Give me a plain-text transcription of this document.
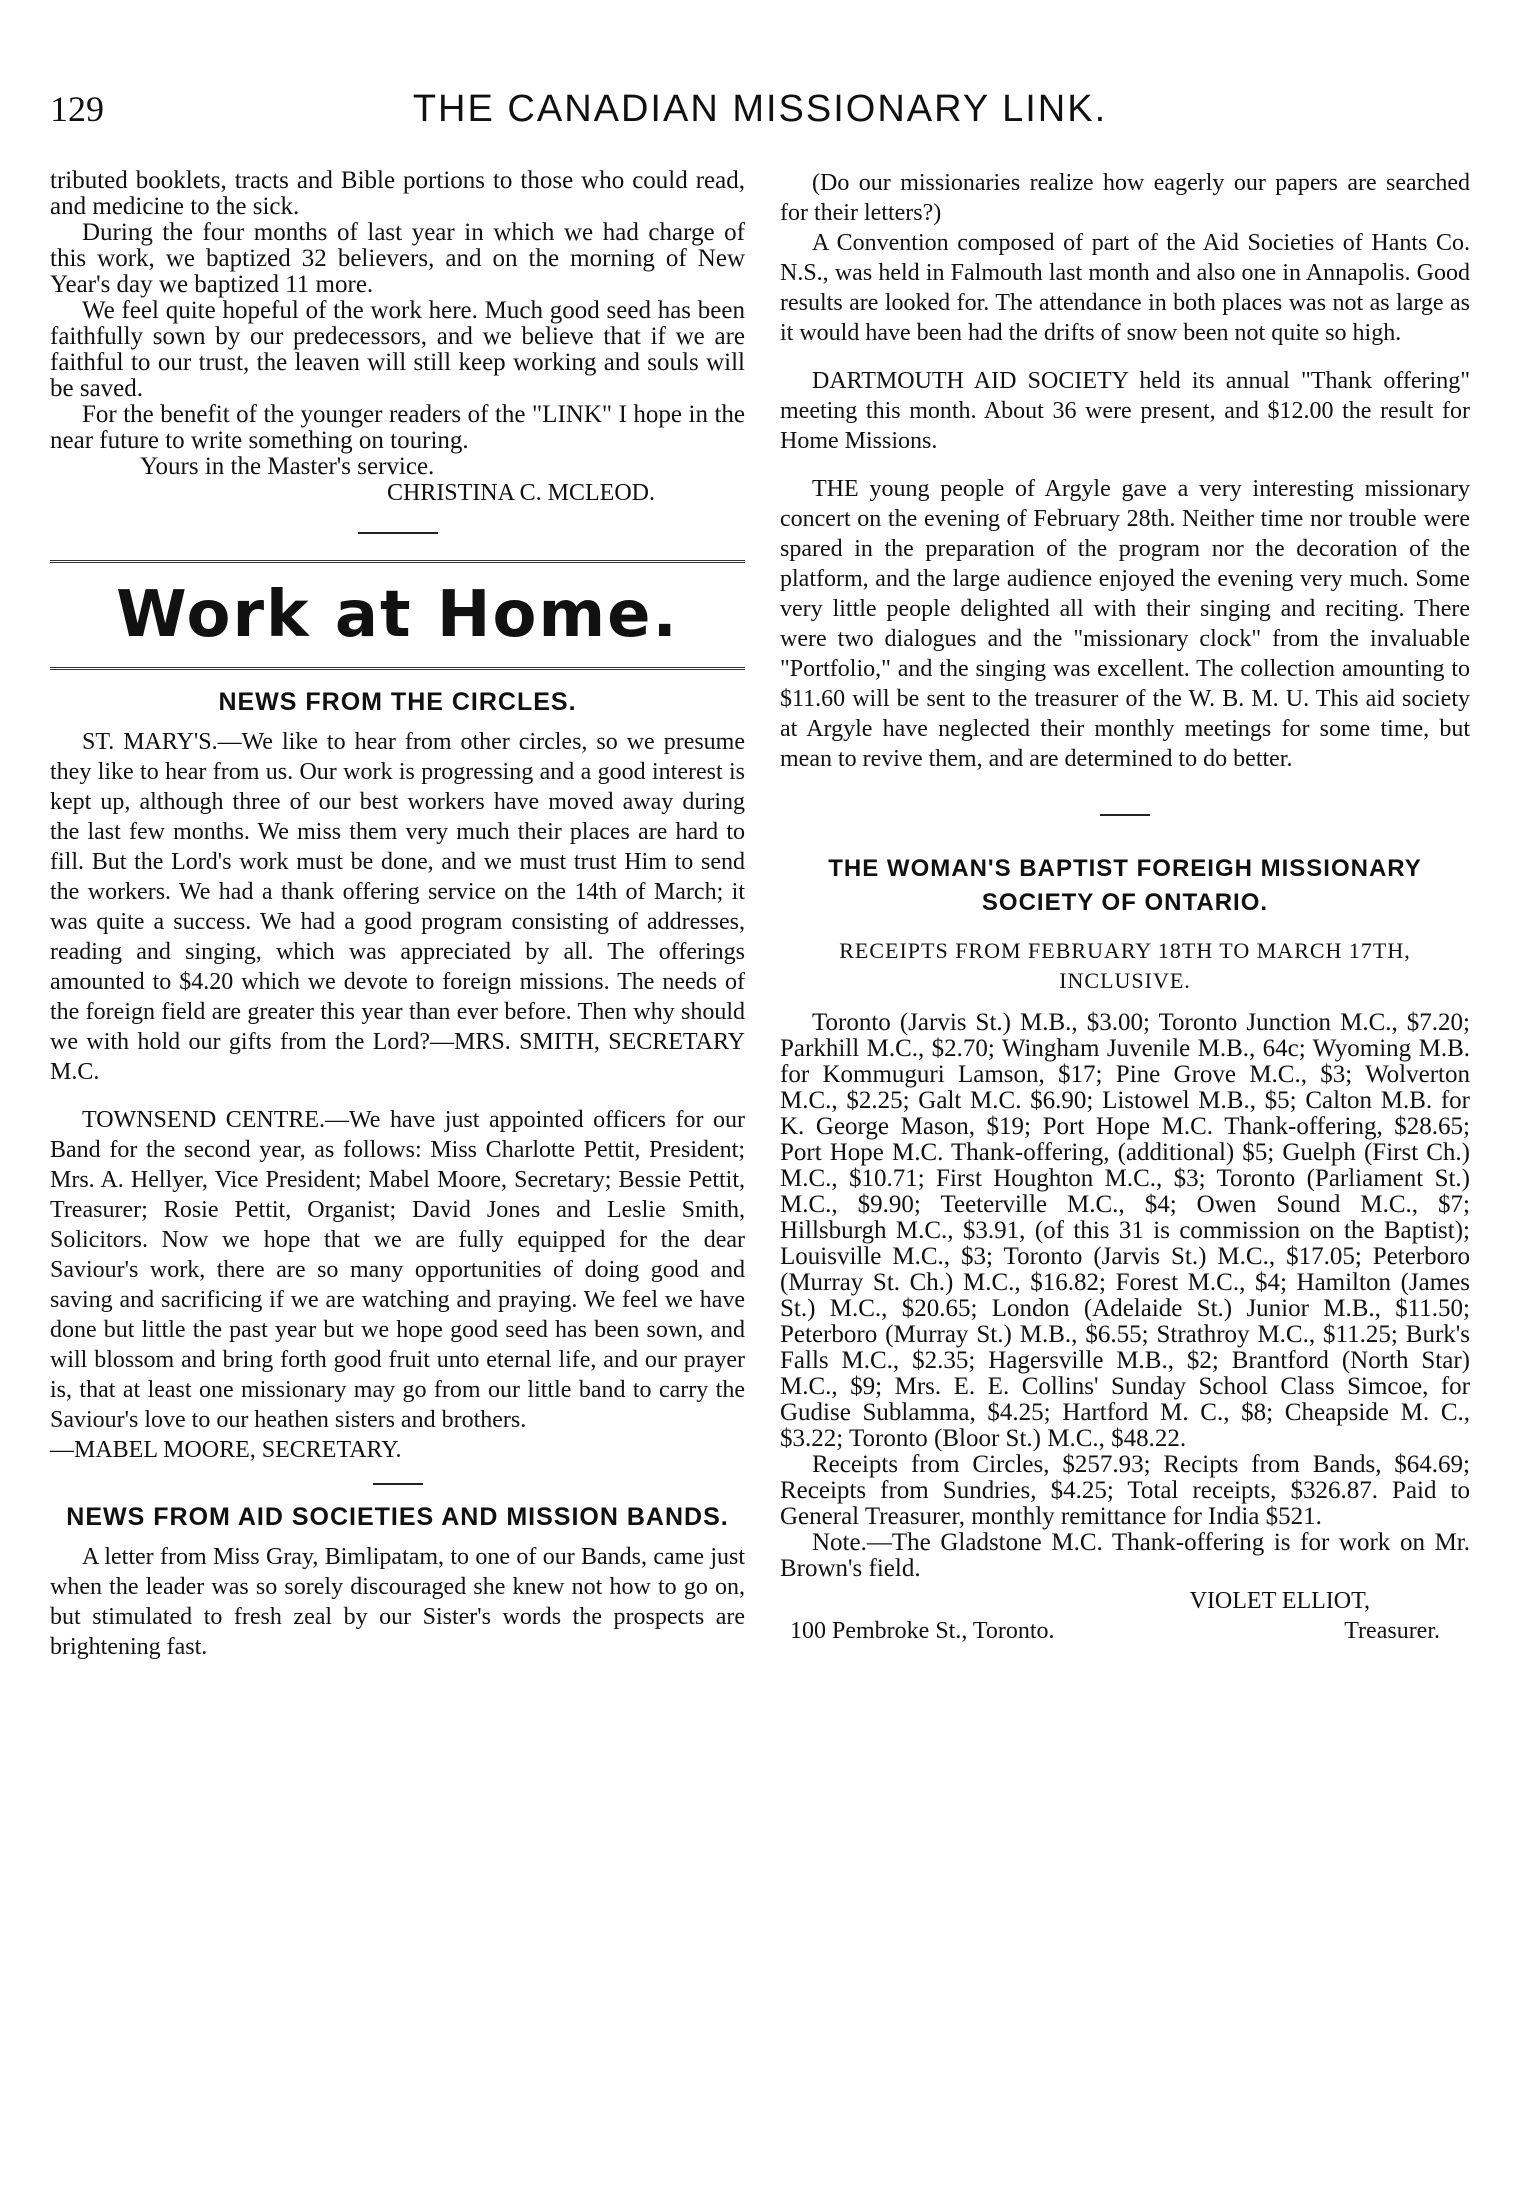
129	THE CANADIAN MISSIONARY LINK.

tributed booklets, tracts and Bible portions to those who could read, and medicine to the sick.

During the four months of last year in which we had charge of this work, we baptized 32 believers, and on the morning of New Year's day we baptized 11 more.

We feel quite hopeful of the work here. Much good seed has been faithfully sown by our predecessors, and we believe that if we are faithful to our trust, the leaven will still keep working and souls will be saved.

For the benefit of the younger readers of the "LINK" I hope in the near future to write something on touring.

Yours in the Master's service.
CHRISTINA C. MCLEOD.
Work at Home.
NEWS FROM THE CIRCLES.

ST. MARY'S.—We like to hear from other circles, so we presume they like to hear from us. Our work is progressing and a good interest is kept up, although three of our best workers have moved away during the last few months. We miss them very much their places are hard to fill. But the Lord's work must be done, and we must trust Him to send the workers. We had a thank offering service on the 14th of March; it was quite a success. We had a good program consisting of addresses, reading and singing, which was appreciated by all. The offerings amounted to $4.20 which we devote to foreign missions. The needs of the foreign field are greater this year than ever before. Then why should we with hold our gifts from the Lord?—MRS. SMITH, SECRETARY M.C.

TOWNSEND CENTRE.—We have just appointed officers for our Band for the second year, as follows: Miss Charlotte Pettit, President; Mrs. A. Hellyer, Vice President; Mabel Moore, Secretary; Bessie Pettit, Treasurer; Rosie Pettit, Organist; David Jones and Leslie Smith, Solicitors. Now we hope that we are fully equipped for the dear Saviour's work, there are so many opportunities of doing good and saving and sacrificing if we are watching and praying. We feel we have done but little the past year but we hope good seed has been sown, and will blossom and bring forth good fruit unto eternal life, and our prayer is, that at least one missionary may go from our little band to carry the Saviour's love to our heathen sisters and brothers.

—MABEL MOORE, SECRETARY.

NEWS FROM AID SOCIETIES AND MISSION BANDS.

A letter from Miss Gray, Bimlipatam, to one of our Bands, came just when the leader was so sorely discouraged she knew not how to go on, but stimulated to fresh zeal by our Sister's words the prospects are brightening fast.

(Do our missionaries realize how eagerly our papers are searched for their letters?)

A Convention composed of part of the Aid Societies of Hants Co. N.S., was held in Falmouth last month and also one in Annapolis. Good results are looked for. The attendance in both places was not as large as it would have been had the drifts of snow been not quite so high.

DARTMOUTH AID SOCIETY held its annual "Thank offering" meeting this month. About 36 were present, and $12.00 the result for Home Missions.

THE young people of Argyle gave a very interesting missionary concert on the evening of February 28th. Neither time nor trouble were spared in the preparation of the program nor the decoration of the platform, and the large audience enjoyed the evening very much. Some very little people delighted all with their singing and reciting. There were two dialogues and the "missionary clock" from the invaluable "Portfolio," and the singing was excellent. The collection amounting to $11.60 will be sent to the treasurer of the W. B. M. U. This aid society at Argyle have neglected their monthly meetings for some time, but mean to revive them, and are determined to do better.

THE WOMAN'S BAPTIST FOREIGH MISSIONARY SOCIETY OF ONTARIO.
RECEIPTS FROM FEBRUARY 18TH TO MARCH 17TH, INCLUSIVE.

Toronto (Jarvis St.) M.B., $3.00; Toronto Junction M.C., $7.20; Parkhill M.C., $2.70; Wingham Juvenile M.B., 64c; Wyoming M.B. for Kommuguri Lamson, $17; Pine Grove M.C., $3; Wolverton M.C., $2.25; Galt M.C. $6.90; Listowel M.B., $5; Calton M.B. for K. George Mason, $19; Port Hope M.C. Thank-offering, $28.65; Port Hope M.C. Thank-offering, (additional) $5; Guelph (First Ch.) M.C., $10.71; First Houghton M.C., $3; Toronto (Parliament St.) M.C., $9.90; Teeterville M.C., $4; Owen Sound M.C., $7; Hillsburgh M.C., $3.91, (of this 31 is commission on the Baptist); Louisville M.C., $3; Toronto (Jarvis St.) M.C., $17.05; Peterboro (Murray St. Ch.) M.C., $16.82; Forest M.C., $4; Hamilton (James St.) M.C., $20.65; London (Adelaide St.) Junior M.B., $11.50; Peterboro (Murray St.) M.B., $6.55; Strathroy M.C., $11.25; Burk's Falls M.C., $2.35; Hagersville M.B., $2; Brantford (North Star) M.C., $9; Mrs. E. E. Collins' Sunday School Class Simcoe, for Gudise Sublamma, $4.25; Hartford M. C., $8; Cheapside M. C., $3.22; Toronto (Bloor St.) M.C., $48.22.

Receipts from Circles, $257.93; Recipts from Bands, $64.69; Receipts from Sundries, $4.25; Total receipts, $326.87. Paid to General Treasurer, monthly remittance for India $521.

Note.—The Gladstone M.C. Thank-offering is for work on Mr. Brown's field.

VIOLET ELLIOT,
100 Pembroke St., Toronto.	Treasurer.
